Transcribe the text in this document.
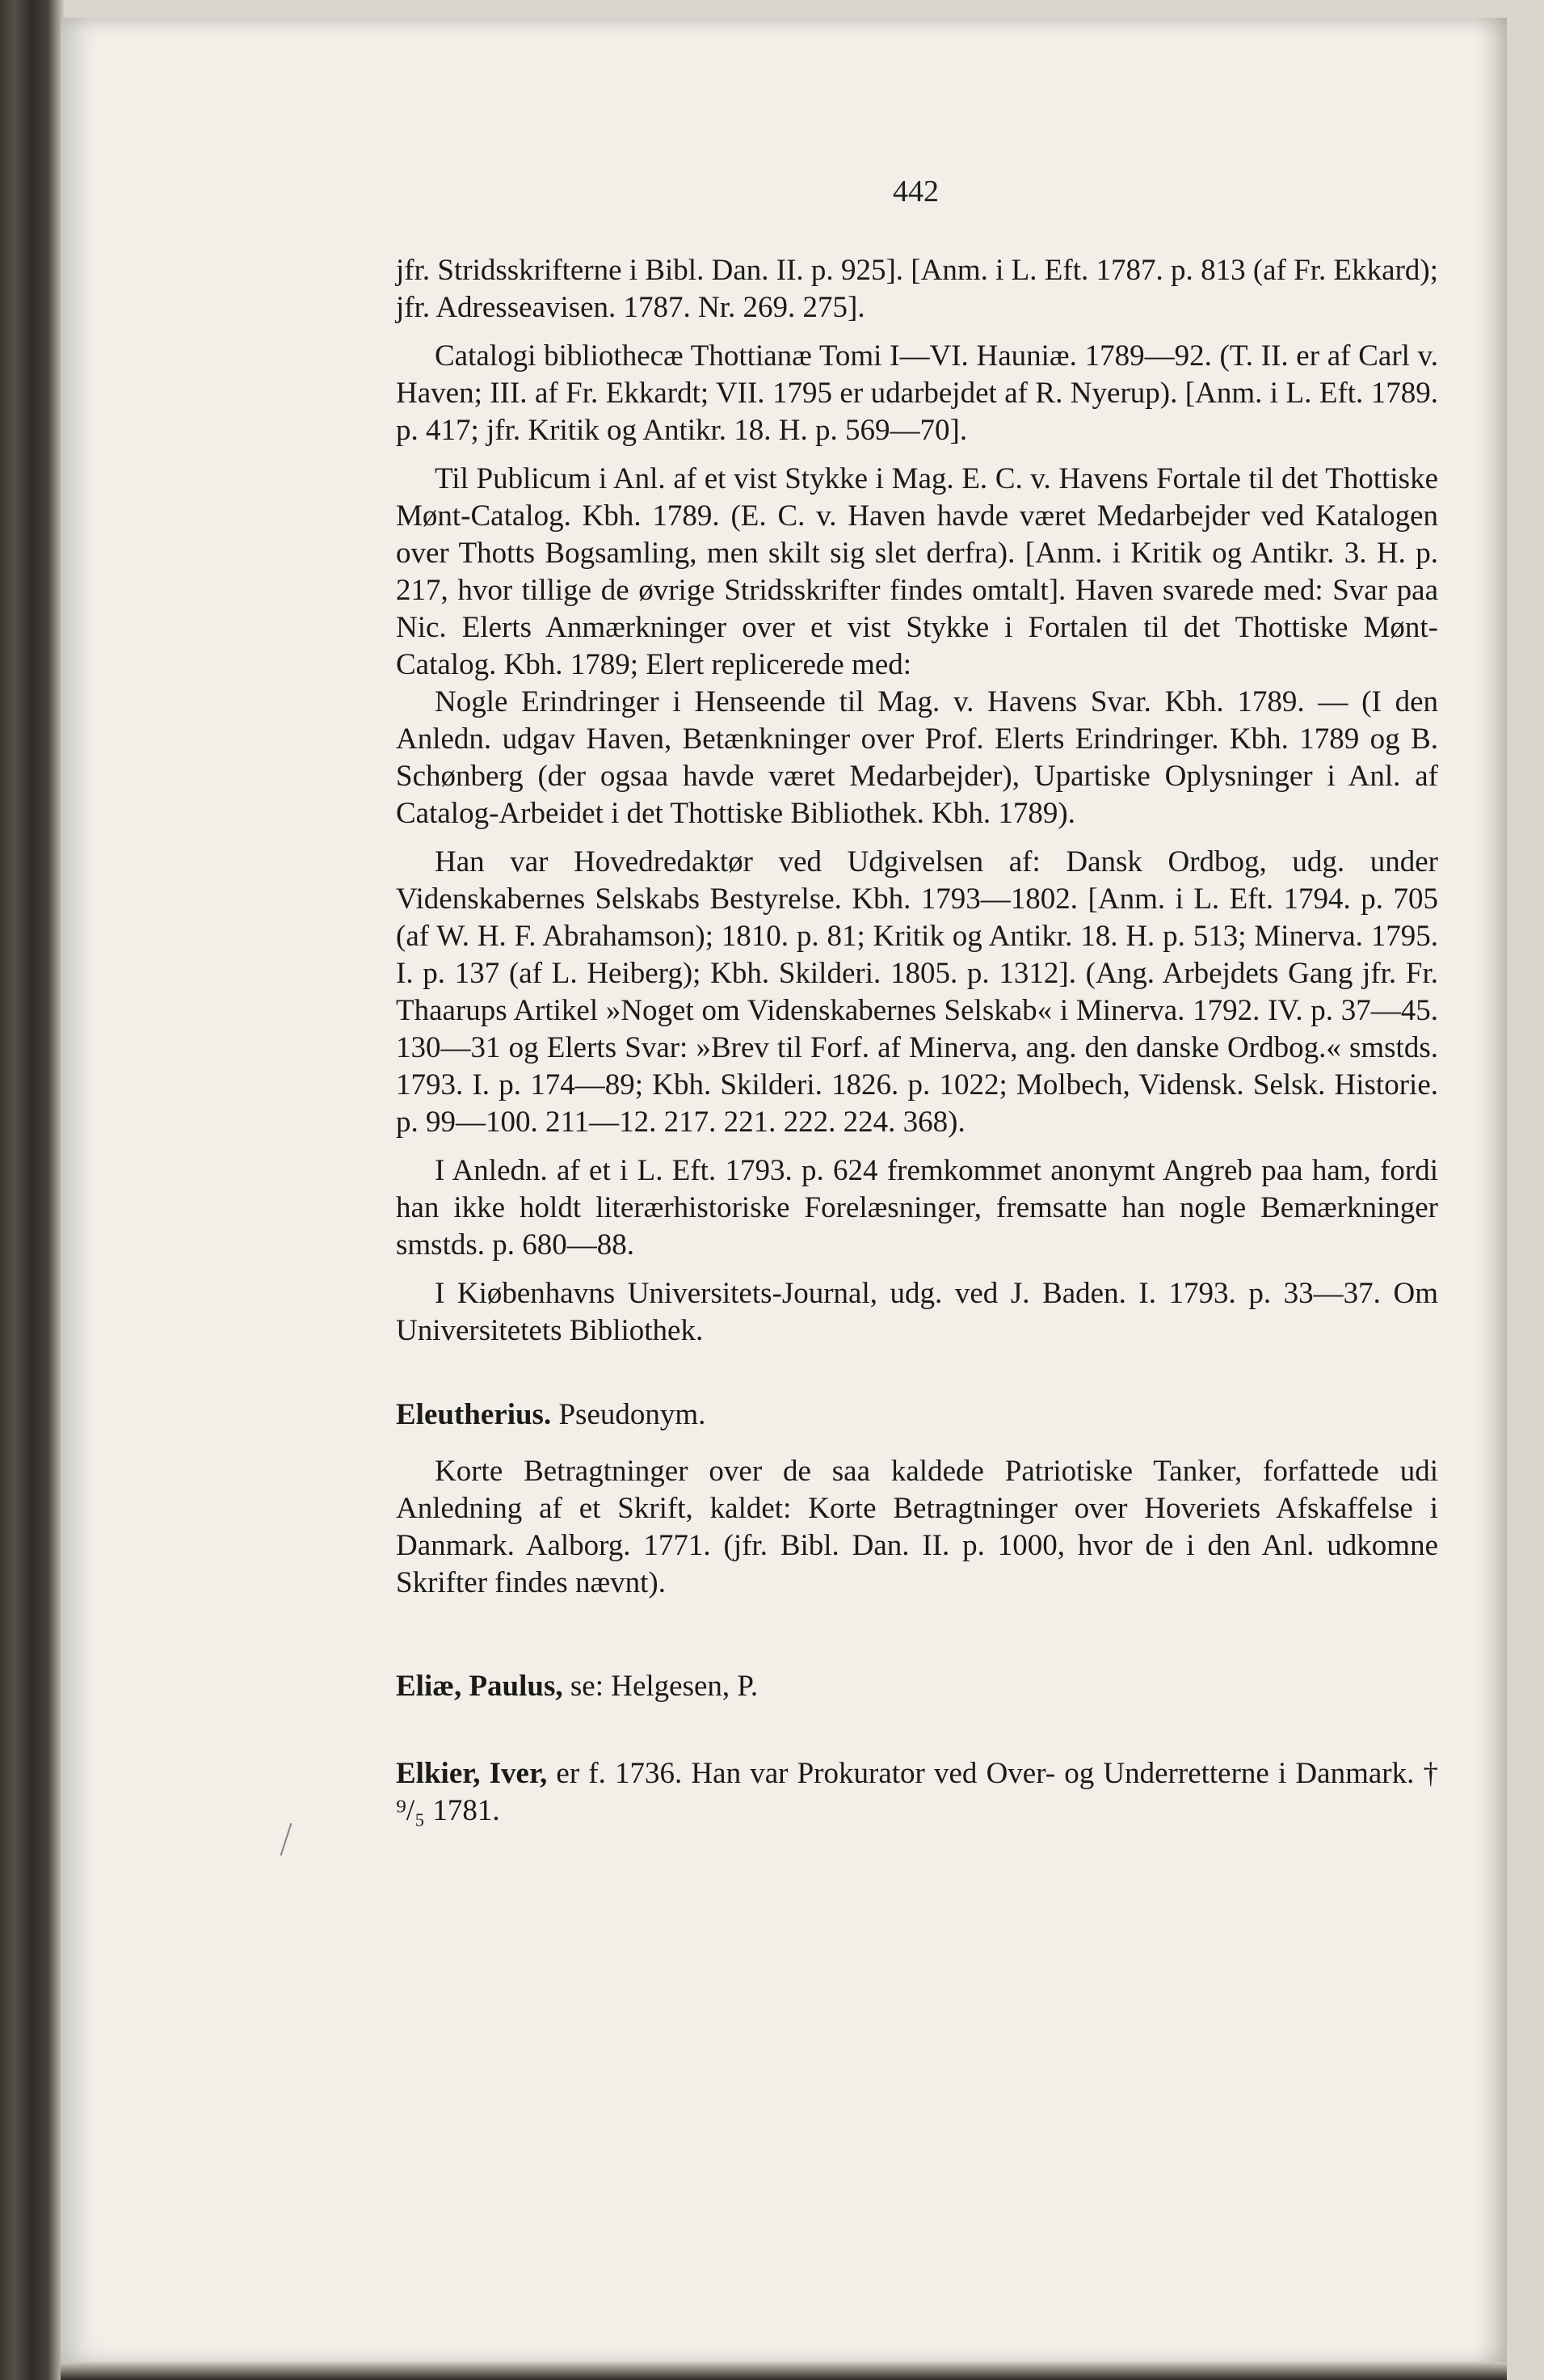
442

jfr. Stridsskrifterne i Bibl. Dan. II. p. 925]. [Anm. i L. Eft. 1787. p. 813 (af Fr. Ekkard); jfr. Adresseavisen. 1787. Nr. 269. 275].

Catalogi bibliothecæ Thottianæ Tomi I—VI. Hauniæ. 1789—92. (T. II. er af Carl v. Haven; III. af Fr. Ekkardt; VII. 1795 er udarbejdet af R. Nyerup). [Anm. i L. Eft. 1789. p. 417; jfr. Kritik og Antikr. 18. H. p. 569—70].

Til Publicum i Anl. af et vist Stykke i Mag. E. C. v. Havens Fortale til det Thottiske Mønt-Catalog. Kbh. 1789. (E. C. v. Haven havde været Medarbejder ved Katalogen over Thotts Bogsamling, men skilt sig slet derfra). [Anm. i Kritik og Antikr. 3. H. p. 217, hvor tillige de øvrige Stridsskrifter findes omtalt]. Haven svarede med: Svar paa Nic. Elerts Anmærkninger over et vist Stykke i Fortalen til det Thottiske Mønt-Catalog. Kbh. 1789; Elert replicerede med:

Nogle Erindringer i Henseende til Mag. v. Havens Svar. Kbh. 1789. — (I den Anledn. udgav Haven, Betænkninger over Prof. Elerts Erindringer. Kbh. 1789 og B. Schønberg (der ogsaa havde været Medarbejder), Upartiske Oplysninger i Anl. af Catalog-Arbeidet i det Thottiske Bibliothek. Kbh. 1789).

Han var Hovedredaktør ved Udgivelsen af: Dansk Ordbog, udg. under Videnskabernes Selskabs Bestyrelse. Kbh. 1793—1802. [Anm. i L. Eft. 1794. p. 705 (af W. H. F. Abrahamson); 1810. p. 81; Kritik og Antikr. 18. H. p. 513; Minerva. 1795. I. p. 137 (af L. Heiberg); Kbh. Skilderi. 1805. p. 1312]. (Ang. Arbejdets Gang jfr. Fr. Thaarups Artikel »Noget om Videnskabernes Selskab« i Minerva. 1792. IV. p. 37—45. 130—31 og Elerts Svar: »Brev til Forf. af Minerva, ang. den danske Ordbog.« smstds. 1793. I. p. 174—89; Kbh. Skilderi. 1826. p. 1022; Molbech, Vidensk. Selsk. Historie. p. 99—100. 211—12. 217. 221. 222. 224. 368).

I Anledn. af et i L. Eft. 1793. p. 624 fremkommet anonymt Angreb paa ham, fordi han ikke holdt literærhistoriske Forelæsninger, fremsatte han nogle Bemærkninger smstds. p. 680—88.

I Kiøbenhavns Universitets-Journal, udg. ved J. Baden. I. 1793. p. 33—37. Om Universitetets Bibliothek.

Eleutherius. Pseudonym.

Korte Betragtninger over de saa kaldede Patriotiske Tanker, forfattede udi Anledning af et Skrift, kaldet: Korte Betragtninger over Hoveriets Afskaffelse i Danmark. Aalborg. 1771. (jfr. Bibl. Dan. II. p. 1000, hvor de i den Anl. udkomne Skrifter findes nævnt).

Eliæ, Paulus, se: Helgesen, P.

Elkier, Iver, er f. 1736. Han var Prokurator ved Over- og Underretterne i Danmark. † ⁹/₅ 1781.
